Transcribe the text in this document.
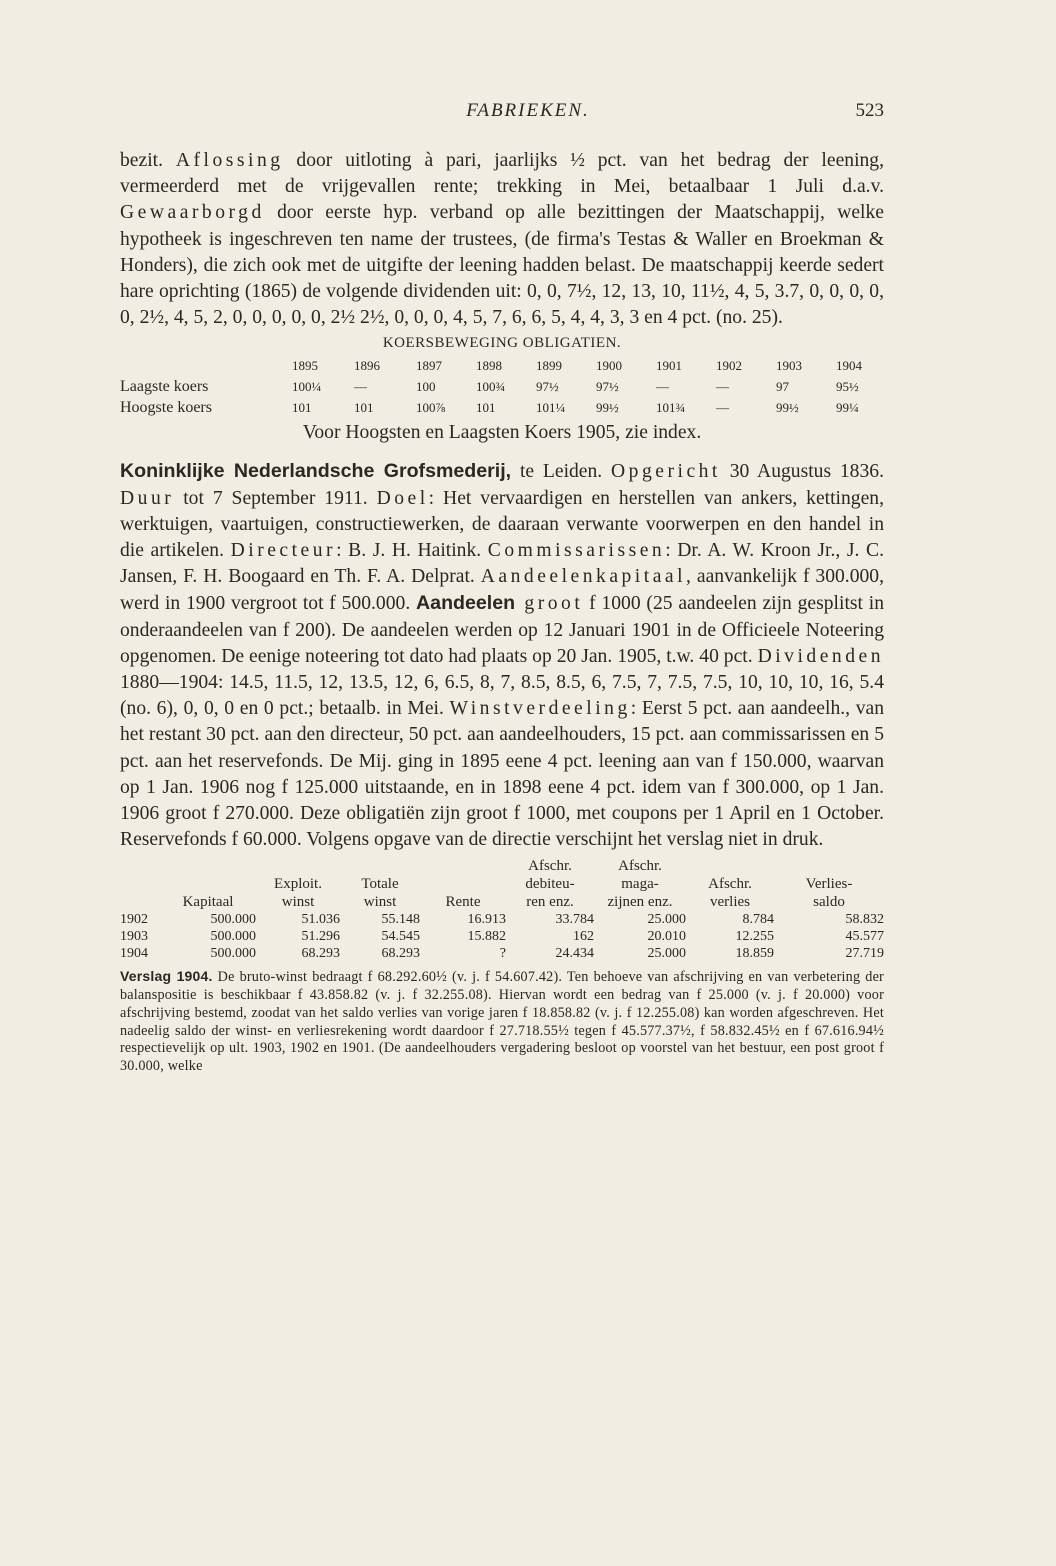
FABRIEKEN.	523

bezit. Aflossing door uitloting à pari, jaarlijks ½ pct. van het bedrag der leening, vermeerderd met de vrijgevallen rente; trekking in Mei, betaalbaar 1 Juli d.a.v. Gewaarborgd door eerste hyp. verband op alle bezittingen der Maatschappij, welke hypotheek is ingeschreven ten name der trustees, (de firma's Testas & Waller en Broekman & Honders), die zich ook met de uitgifte der leening hadden belast. De maatschappij keerde sedert hare oprichting (1865) de volgende dividenden uit: 0, 0, 7½, 12, 13, 10, 11½, 4, 5, 3.7, 0, 0, 0, 0, 0, 2½, 4, 5, 2, 0, 0, 0, 0, 0, 2½ 2½, 0, 0, 0, 4, 5, 7, 6, 6, 5, 4, 4, 3, 3 en 4 pct. (no. 25).

KOERSBEWEGING OBLIGATIEN.
	1895	1896	1897	1898	1899	1900	1901	1902	1903	1904
Laagste koers	100¼	—	100	100¾	97½	97½	—	—	97	95½
Hoogste koers	101	101	100⅞	101	101¼	99½	101¾	—	99½	99¼
Voor Hoogsten en Laagsten Koers 1905, zie index.

Koninklijke Nederlandsche Grofsmederij, te Leiden. Opgericht 30 Augustus 1836. Duur tot 7 September 1911. Doel: Het vervaardigen en herstellen van ankers, kettingen, werktuigen, vaartuigen, constructiewerken, de daaraan verwante voorwerpen en den handel in die artikelen. Directeur: B. J. H. Haitink. Commissarissen: Dr. A. W. Kroon Jr., J. C. Jansen, F. H. Boogaard en Th. F. A. Delprat. Aandeelenkapitaal, aanvankelijk f 300.000, werd in 1900 vergroot tot f 500.000. Aandeelen groot f 1000 (25 aandeelen zijn gesplitst in onderaandeelen van f 200). De aandeelen werden op 12 Januari 1901 in de Officieele Noteering opgenomen. De eenige noteering tot dato had plaats op 20 Jan. 1905, t.w. 40 pct. Dividenden 1880—1904: 14.5, 11.5, 12, 13.5, 12, 6, 6.5, 8, 7, 8.5, 8.5, 6, 7.5, 7, 7.5, 7.5, 10, 10, 10, 16, 5.4 (no. 6), 0, 0, 0 en 0 pct.; betaalb. in Mei. Winstverdeeling: Eerst 5 pct. aan aandeelh., van het restant 30 pct. aan den directeur, 50 pct. aan aandeelhouders, 15 pct. aan commissarissen en 5 pct. aan het reservefonds. De Mij. ging in 1895 eene 4 pct. leening aan van f 150.000, waarvan op 1 Jan. 1906 nog f 125.000 uitstaande, en in 1898 eene 4 pct. idem van f 300.000, op 1 Jan. 1906 groot f 270.000. Deze obligatiën zijn groot f 1000, met coupons per 1 April en 1 October. Reservefonds f 60.000. Volgens opgave van de directie verschijnt het verslag niet in druk.

					Afschr.	Afschr.		
		Exploit.	Totale		debiteu-	maga-	Afschr.	Verlies-
	Kapitaal	winst	winst	Rente	ren enz.	zijnen enz.	verlies	saldo
1902	500.000	51.036	55.148	16.913	33.784	25.000	8.784	58.832
1903	500.000	51.296	54.545	15.882	162	20.010	12.255	45.577
1904	500.000	68.293	68.293	?	24.434	25.000	18.859	27.719

Verslag 1904. De bruto-winst bedraagt f 68.292.60½ (v. j. f 54.607.42). Ten behoeve van afschrijving en van verbetering der balanspositie is beschikbaar f 43.858.82 (v. j. f 32.255.08). Hiervan wordt een bedrag van f 25.000 (v. j. f 20.000) voor afschrijving bestemd, zoodat van het saldo verlies van vorige jaren f 18.858.82 (v. j. f 12.255.08) kan worden afgeschreven. Het nadeelig saldo der winst- en verliesrekening wordt daardoor f 27.718.55½ tegen f 45.577.37½, f 58.832.45½ en f 67.616.94½ respectievelijk op ult. 1903, 1902 en 1901. (De aandeelhouders vergadering besloot op voorstel van het bestuur, een post groot f 30.000, welke
